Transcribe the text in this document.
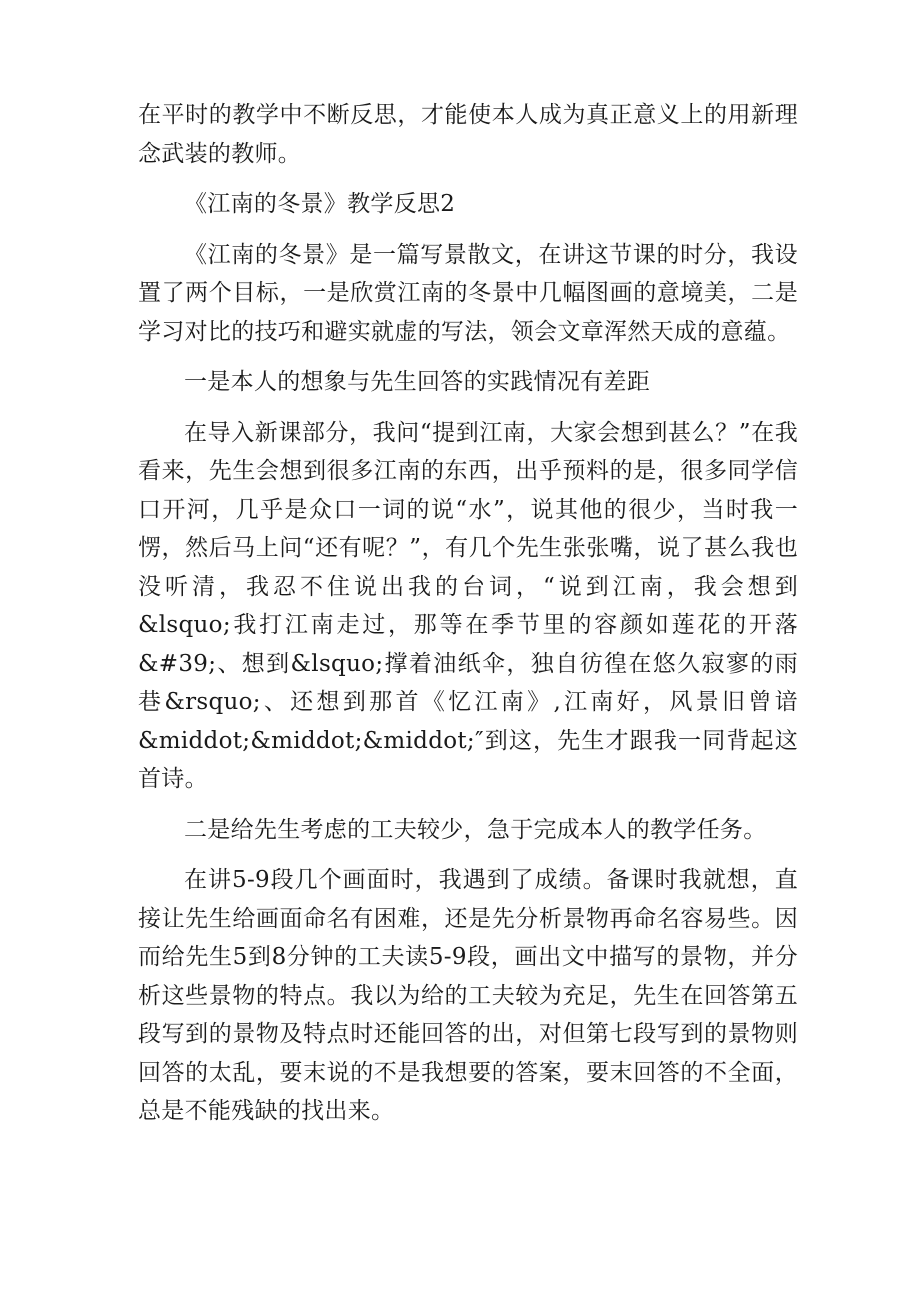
在平时的教学中不断反思，才能使本人成为真正意义上的用新理念武装的教师。

《江南的冬景》教学反思2

《江南的冬景》是一篇写景散文，在讲这节课的时分，我设置了两个目标，一是欣赏江南的冬景中几幅图画的意境美，二是学习对比的技巧和避实就虚的写法，领会文章浑然天成的意蕴。

一是本人的想象与先生回答的实践情况有差距

在导入新课部分，我问“提到江南，大家会想到甚么？”在我看来，先生会想到很多江南的东西，出乎预料的是，很多同学信口开河，几乎是众口一词的说“水”，说其他的很少，当时我一愣，然后马上问“还有呢？”，有几个先生张张嘴，说了甚么我也没听清，我忍不住说出我的台词，“说到江南，我会想到&lsquo;我打江南走过，那等在季节里的容颜如莲花的开落&#39;、想到&lsquo;撑着油纸伞，独自彷徨在悠久寂寥的雨巷&rsquo;、还想到那首《忆江南》,江南好，风景旧曾谙&middot;&middot;&middot;″到这，先生才跟我一同背起这首诗。

二是给先生考虑的工夫较少，急于完成本人的教学任务。

在讲5-9段几个画面时，我遇到了成绩。备课时我就想，直接让先生给画面命名有困难，还是先分析景物再命名容易些。因而给先生5到8分钟的工夫读5-9段，画出文中描写的景物，并分析这些景物的特点。我以为给的工夫较为充足，先生在回答第五段写到的景物及特点时还能回答的出，对但第七段写到的景物则回答的太乱，要末说的不是我想要的答案，要末回答的不全面，总是不能残缺的找出来。
